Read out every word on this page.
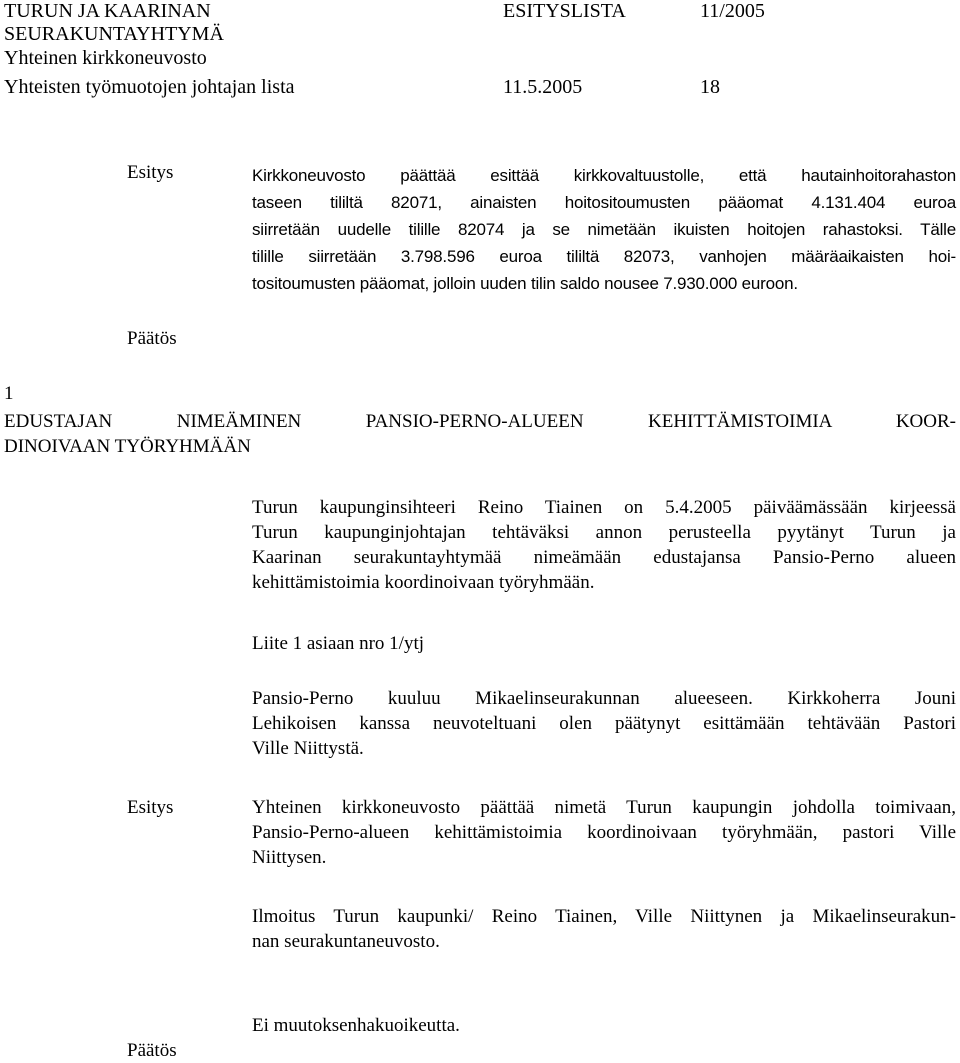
TURUN JA KAARINAN	ESITYSLISTA	11/2005
SEURAKUNTAYHTYMÄ
Yhteinen kirkkoneuvosto
Yhteisten työmuotojen johtajan lista	11.5.2005	18
Esitys	Kirkkoneuvosto päättää esittää kirkkovaltuustolle, että hautainhoitorahaston
taseen tililtä 82071, ainaisten hoitositoumusten pääomat 4.131.404 euroa
siirretään uudelle tilille 82074 ja se nimetään ikuisten hoitojen rahastoksi. Tälle
tilille siirretään 3.798.596 euroa tililtä 82073, vanhojen määräaikaisten hoi-
tositoumusten pääomat, jolloin uuden tilin saldo nousee 7.930.000 euroon.
Päätös
1
EDUSTAJAN NIMEÄMINEN PANSIO-PERNO-ALUEEN KEHITTÄMISTOIMIA KOOR-
DINOIVAAN TYÖRYHMÄÄN
Turun kaupunginsihteeri Reino Tiainen on 5.4.2005 päiväämässään kirjeessä
Turun kaupunginjohtajan tehtäväksi annon perusteella pyytänyt Turun ja
Kaarinan seurakuntayhtymää nimeämään edustajansa Pansio-Perno alueen
kehittämistoimia koordinoivaan työryhmään.
Liite 1 asiaan nro 1/ytj
Pansio-Perno kuuluu Mikaelinseurakunnan alueeseen. Kirkkoherra Jouni
Lehikoisen kanssa neuvoteltuani olen päätynyt esittämään tehtävään Pastori
Ville Niittystä.
Esitys	Yhteinen kirkkoneuvosto päättää nimetä Turun kaupungin johdolla toimivaan,
Pansio-Perno-alueen kehittämistoimia koordinoivaan työryhmään, pastori Ville
Niittysen.
Ilmoitus Turun kaupunki/ Reino Tiainen, Ville Niittynen ja Mikaelinseurakun-
nan seurakuntaneuvosto.
Ei muutoksenhakuoikeutta.
Päätös
